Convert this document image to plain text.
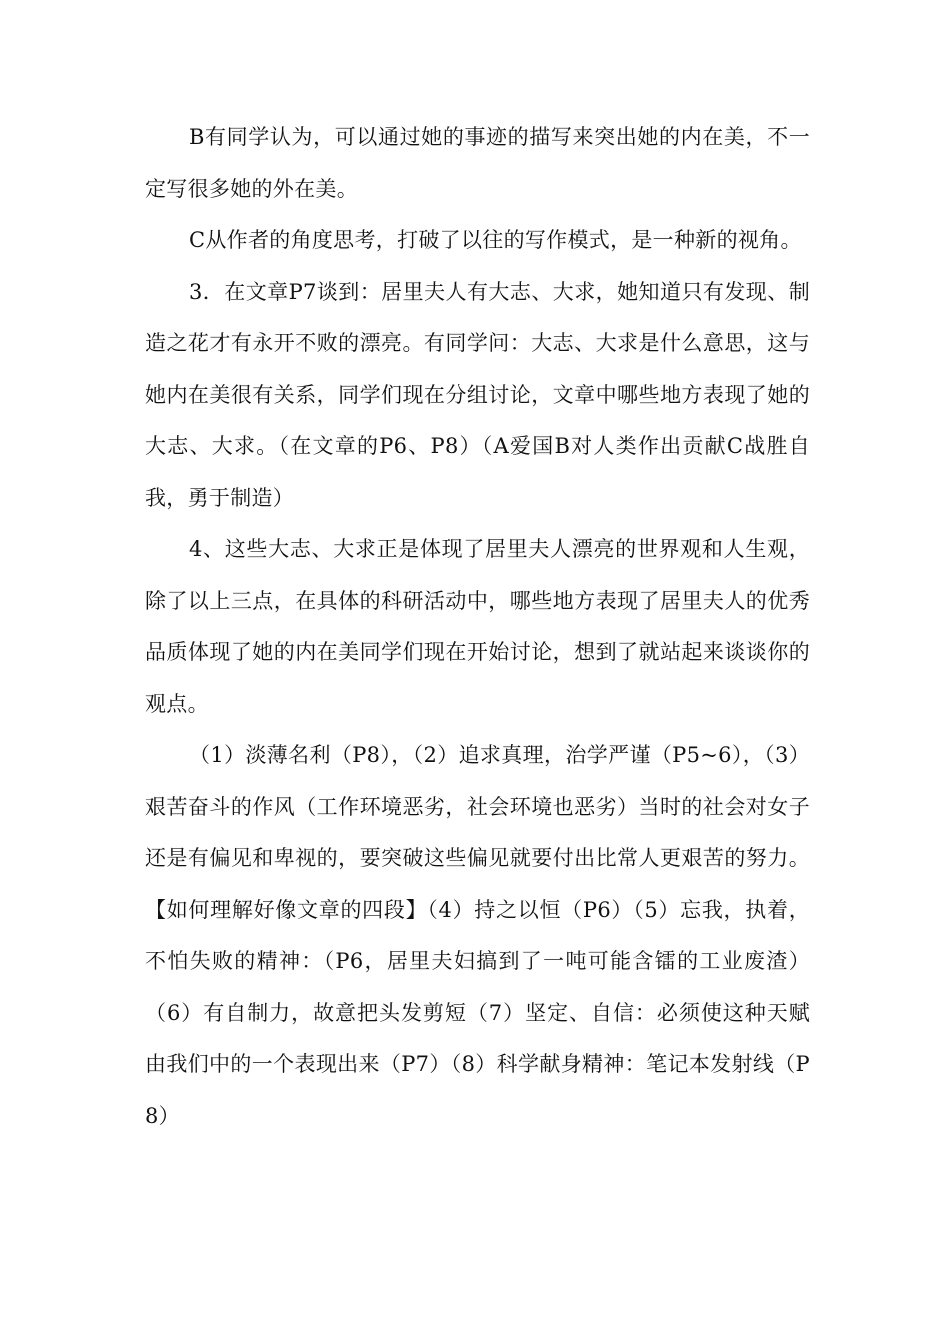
B有同学认为，可以通过她的事迹的描写来突出她的内在美，不一定写很多她的外在美。

C从作者的角度思考，打破了以往的写作模式，是一种新的视角。

3．在文章P7谈到：居里夫人有大志、大求，她知道只有发现、制造之花才有永开不败的漂亮。有同学问：大志、大求是什么意思，这与她内在美很有关系，同学们现在分组讨论，文章中哪些地方表现了她的大志、大求。（在文章的P6、P8）（A爱国B对人类作出贡献C战胜自我，勇于制造）

4、这些大志、大求正是体现了居里夫人漂亮的世界观和人生观，除了以上三点，在具体的科研活动中，哪些地方表现了居里夫人的优秀品质体现了她的内在美同学们现在开始讨论，想到了就站起来谈谈你的观点。

（1）淡薄名利（P8），（2）追求真理，治学严谨（P5~6），（3）艰苦奋斗的作风（工作环境恶劣，社会环境也恶劣）当时的社会对女子还是有偏见和卑视的，要突破这些偏见就要付出比常人更艰苦的努力。【如何理解好像文章的四段】（4）持之以恒（P6）（5）忘我，执着，不怕失败的精神：（P6，居里夫妇搞到了一吨可能含镭的工业废渣）（6）有自制力，故意把头发剪短（7）坚定、自信：必须使这种天赋由我们中的一个表现出来（P7）（8）科学献身精神：笔记本发射线（P8）
